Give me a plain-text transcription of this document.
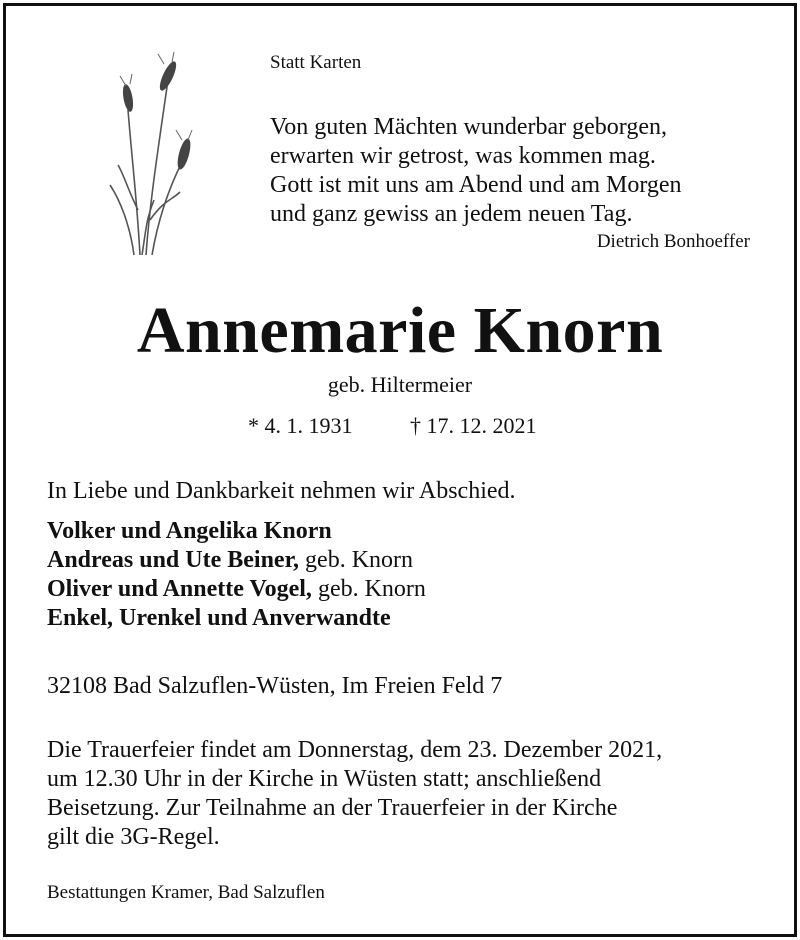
Statt Karten
Von guten Mächten wunderbar geborgen,
erwarten wir getrost, was kommen mag.
Gott ist mit uns am Abend und am Morgen
und ganz gewiss an jedem neuen Tag.
Dietrich Bonhoeffer
Annemarie Knorn
geb. Hiltermeier
* 4. 1. 1931	† 17. 12. 2021
In Liebe und Dankbarkeit nehmen wir Abschied.
Volker und Angelika Knorn
Andreas und Ute Beiner, geb. Knorn
Oliver und Annette Vogel, geb. Knorn
Enkel, Urenkel und Anverwandte
32108 Bad Salzuflen-Wüsten, Im Freien Feld 7
Die Trauerfeier findet am Donnerstag, dem 23. Dezember 2021,
um 12.30 Uhr in der Kirche in Wüsten statt; anschließend
Beisetzung. Zur Teilnahme an der Trauerfeier in der Kirche
gilt die 3G-Regel.
Bestattungen Kramer, Bad Salzuflen
